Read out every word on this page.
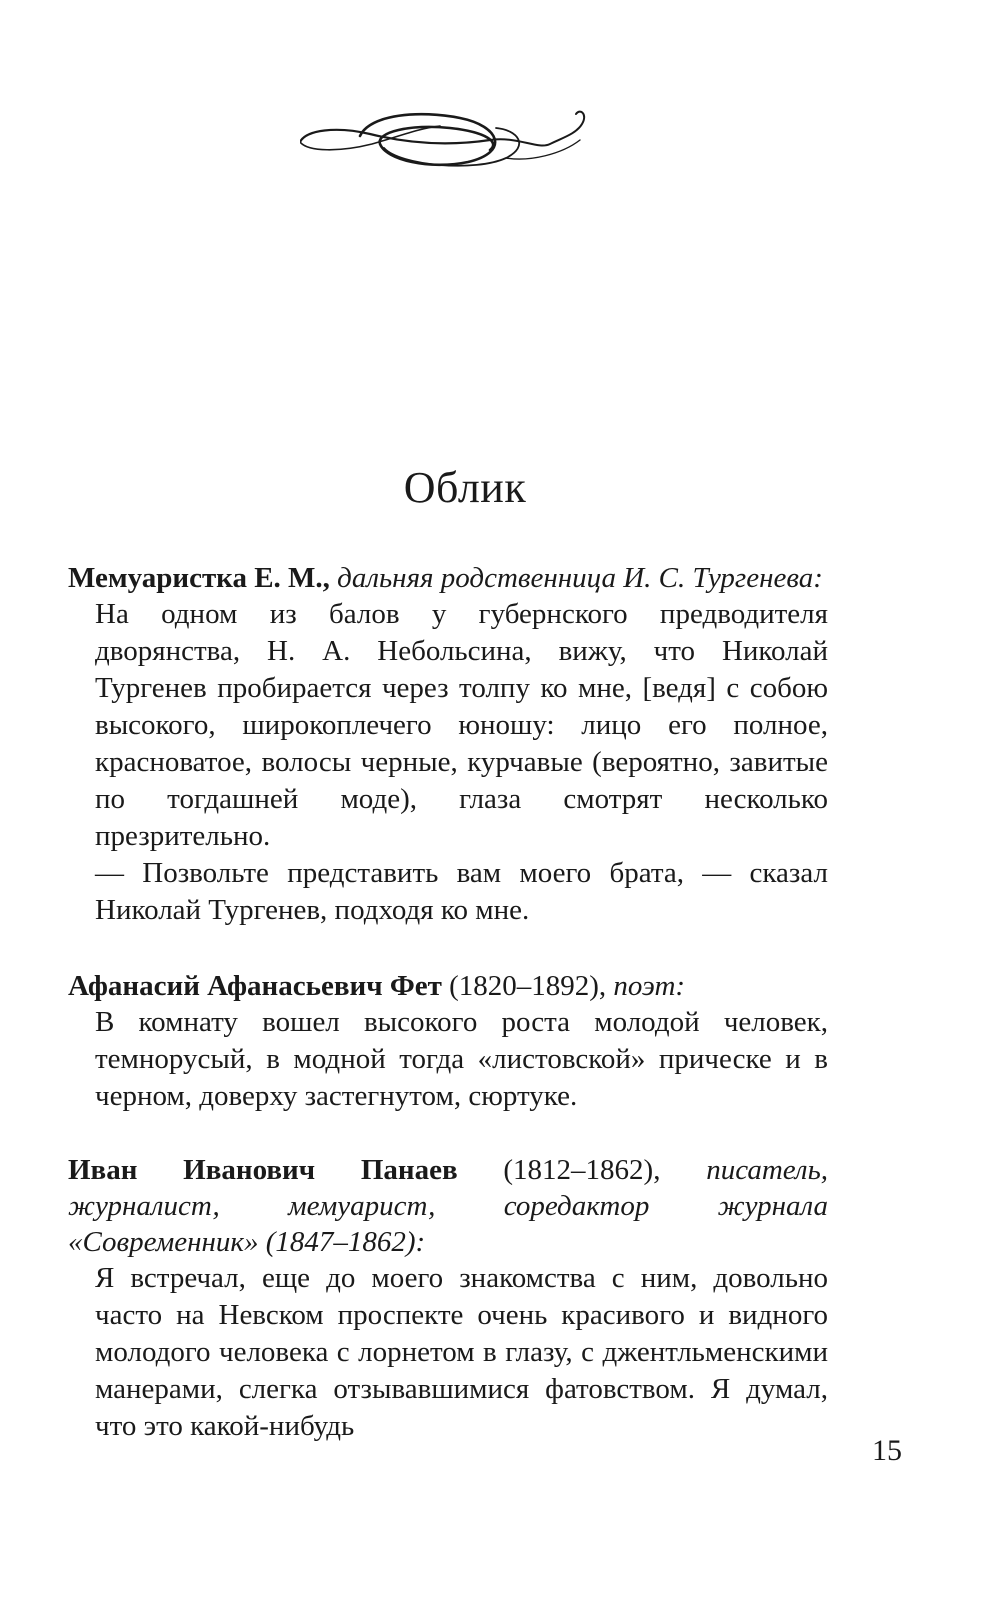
Облик

Мемуаристка Е. М., дальняя родственница И. С. Тургенева:

На одном из балов у губернского предводителя дворянства, Н. А. Небольсина, вижу, что Николай Тургенев пробирается через толпу ко мне, [ведя] с собою высокого, широкоплечего юношу: лицо его полное, красноватое, волосы черные, курчавые (вероятно, завитые по тогдашней моде), глаза смотрят несколько презрительно.

— Позвольте представить вам моего брата, — сказал Николай Тургенев, подходя ко мне.

Афанасий Афанасьевич Фет (1820–1892), поэт:

В комнату вошел высокого роста молодой человек, темнорусый, в модной тогда «листовской» прическе и в черном, доверху застегнутом, сюртуке.

Иван Иванович Панаев (1812–1862), писатель, журналист, мемуарист, соредактор журнала «Современник» (1847–1862):

Я встречал, еще до моего знакомства с ним, довольно часто на Невском проспекте очень красивого и видного молодого человека с лорнетом в глазу, с джентльменскими манерами, слегка отзывавшимися фатовством. Я думал, что это какой-нибудь

15
